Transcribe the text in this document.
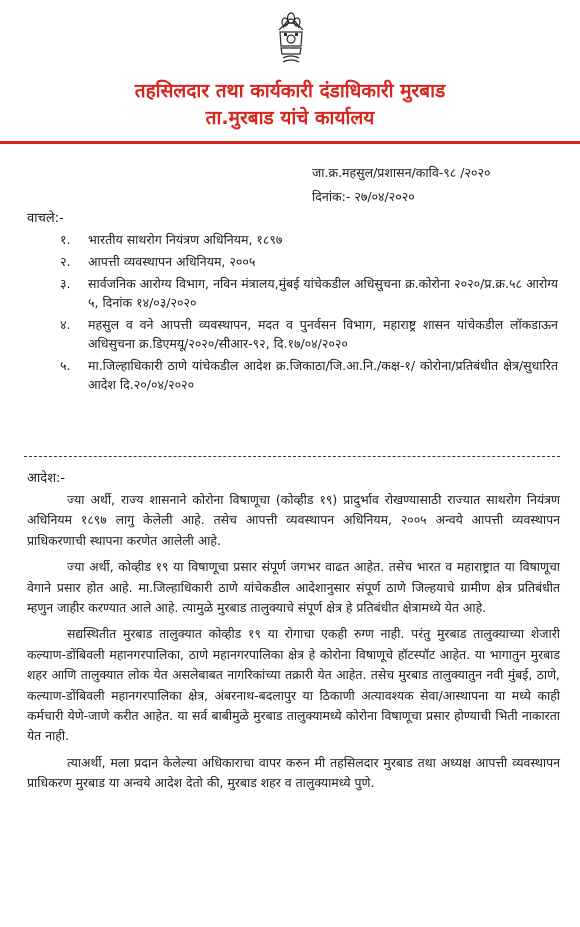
तहसिलदार तथा कार्यकारी दंडाधिकारी मुरबाड
ता.मुरबाड यांचे कार्यालय
जा.क्र.महसुल/प्रशासन/कावि-९८ /२०२०
दिनांक:- २७/०४/२०२०
वाचले:-
१.	भारतीय साथरोग नियंत्रण अधिनियम, १८९७
२.	आपत्ती व्यवस्थापन अधिनियम, २००५
३.	सार्वजनिक आरोग्य विभाग, नविन मंत्रालय,मुंबई यांचेकडील अधिसुचना क्र.कोरोना २०२०/प्र.क्र.५८ आरोग्य ५, दिनांक १४/०३/२०२०
४.	महसुल व वने आपत्ती व्यवस्थापन, मदत व पुनर्वसन विभाग, महाराष्ट्र शासन यांचेकडील लॉकडाऊन अधिसुचना क्र.डिएमयू/२०२०/सीआर-९२, दि.१७/०४/२०२०
५.	मा.जिल्हाधिकारी ठाणे यांचेकडील आदेश क्र.जिकाठा/जि.आ.नि./कक्ष-१/ कोरोना/प्रतिबंधीत क्षेत्र/सुधारित आदेश दि.२०/०४/२०२०
आदेश:-

ज्या अर्थी, राज्य शासनाने कोरोना विषाणूचा (कोव्हीड १९) प्रादुर्भाव रोखण्यासाठी राज्यात साथरोग नियंत्रण अधिनियम १८९७ लागु केलेली आहे. तसेच आपत्ती व्यवस्थापन अधिनियम, २००५ अन्वये आपत्ती व्यवस्थापन प्राधिकरणाची स्थापना करणेत आलेली आहे.

ज्या अर्थी, कोव्हीड १९ या विषाणूचा प्रसार संपूर्ण जगभर वाढत आहेत. तसेच भारत व महाराष्ट्रात या विषाणूचा वेगाने प्रसार होत आहे. मा.जिल्हाधिकारी ठाणे यांचेकडील आदेशानुसार संपूर्ण ठाणे जिल्हयाचे ग्रामीण क्षेत्र प्रतिबंधीत म्हणुन जाहीर करण्यात आले आहे. त्यामुळे मुरबाड तालुक्याचे संपूर्ण क्षेत्र हे प्रतिबंधीत क्षेत्रामध्ये येत आहे.

सद्यस्थितीत मुरबाड तालुक्यात कोव्हीड १९ या रोगाचा एकही रुग्ण नाही. परंतु मुरबाड तालुक्याच्या शेजारी कल्याण-डोंबिवली महानगरपालिका, ठाणे महानगरपालिका क्षेत्र हे कोरोना विषाणूचे हॉटस्पॉट आहेत. या भागातुन मुरबाड शहर आणि तालुक्यात लोक येत असलेबाबत नागरिकांच्या तक्रारी येत आहेत. तसेच मुरबाड तालुक्यातुन नवी मुंबई, ठाणे, कल्याण-डोंबिवली महानगरपालिका क्षेत्र, अंबरनाथ-बदलापुर या ठिकाणी अत्यावश्यक सेवा/आस्थापना या मध्ये काही कर्मचारी येणे-जाणे करीत आहेत. या सर्व बाबीमुळे मुरबाड तालुक्यामध्ये कोरोना विषाणूचा प्रसार होण्याची भिती नाकारता येत नाही.

त्याअर्थी, मला प्रदान केलेल्या अधिकाराचा वापर करुन मी तहसिलदार मुरबाड तथा अध्यक्ष आपत्ती व्यवस्थापन प्राधिकरण मुरबाड या अन्वये आदेश देतो की, मुरबाड शहर व तालुक्यामध्ये पुणे.
